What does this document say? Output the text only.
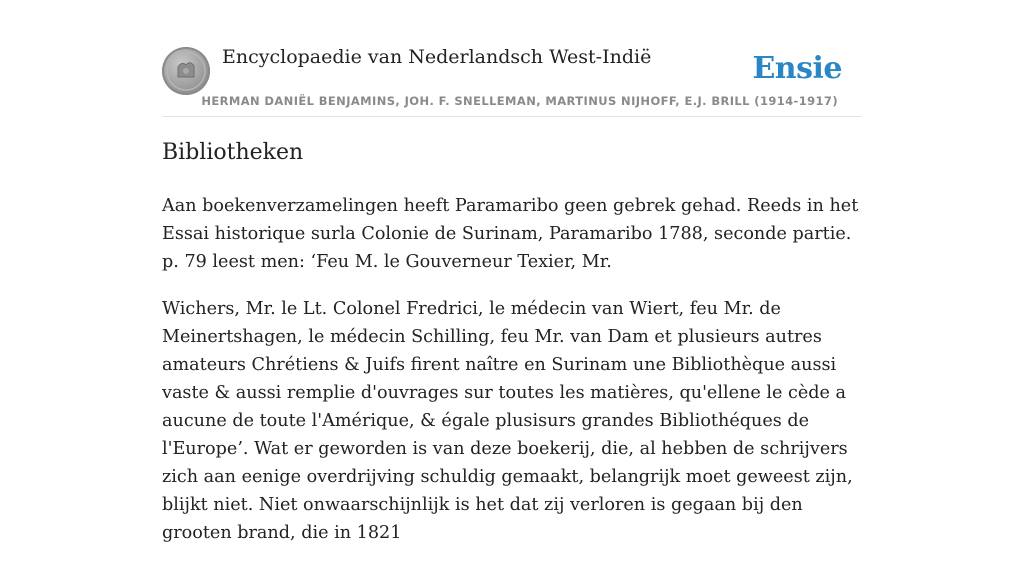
Encyclopaedie van Nederlandsch West-Indië	Ensie
HERMAN DANIËL BENJAMINS, JOH. F. SNELLEMAN, MARTINUS NIJHOFF, E.J. BRILL (1914-1917)
Bibliotheken

Aan boekenverzamelingen heeft Paramaribo geen gebrek gehad. Reeds in het Essai historique surla Colonie de Surinam, Paramaribo 1788, seconde partie. p. 79 leest men: ‘Feu M. le Gouverneur Texier, Mr.

Wichers, Mr. le Lt. Colonel Fredrici, le médecin van Wiert, feu Mr. de Meinertshagen, le médecin Schilling, feu Mr. van Dam et plusieurs autres amateurs Chrétiens & Juifs firent naître en Surinam une Bibliothèque aussi vaste & aussi remplie d'ouvrages sur toutes les matières, qu'ellene le cède a aucune de toute l'Amérique, & égale plusisurs grandes Bibliothéques de l'Europe’. Wat er geworden is van deze boekerij, die, al hebben de schrijvers zich aan eenige overdrijving schuldig gemaakt, belangrijk moet geweest zijn, blijkt niet. Niet onwaarschijnlijk is het dat zij verloren is gegaan bij den grooten brand, die in 1821
